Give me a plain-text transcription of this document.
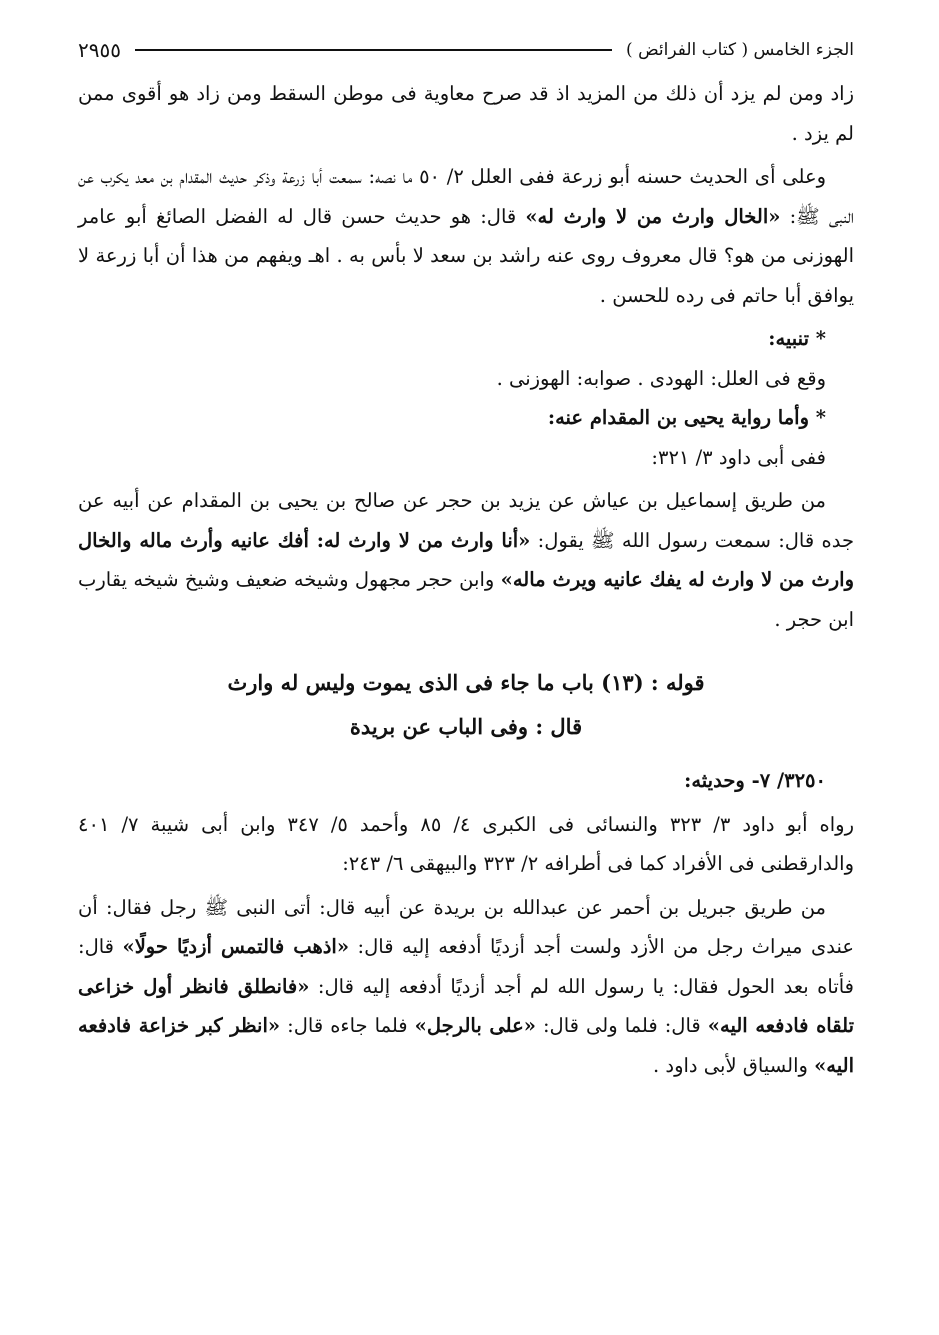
الجزء الخامس ( كتاب الفرائض )
٢٩٥٥

زاد ومن لم يزد أن ذلك من المزيد اذ قد صرح معاوية فى موطن السقط ومن زاد هو أقوى ممن لم يزد .

وعلى أى الحديث حسنه أبو زرعة ففى العلل ٢/ ٥٠ ما نصه: سمعت أبا زرعة وذكر حديث المقدام بن معد يكرب عن النبى ﷺ: «الخال وارث من لا وارث له» قال: هو حديث حسن قال له الفضل الصائغ أبو عامر الهوزنى من هو؟ قال معروف روى عنه راشد بن سعد لا بأس به . اهـ ويفهم من هذا أن أبا زرعة لا يوافق أبا حاتم فى رده للحسن .

* تنبيه:

وقع فى العلل: الهودى . صوابه: الهوزنى .

* وأما رواية يحيى بن المقدام عنه:

ففى أبى داود ٣/ ٣٢١:

من طريق إسماعيل بن عياش عن يزيد بن حجر عن صالح بن يحيى بن المقدام عن أبيه عن جده قال: سمعت رسول الله ﷺ يقول: «أنا وارث من لا وارث له: أفك عانيه وأرث ماله والخال وارث من لا وارث له يفك عانيه ويرث ماله» وابن حجر مجهول وشيخه ضعيف وشيخ شيخه يقارب ابن حجر .

قوله : (١٣) باب ما جاء فى الذى يموت وليس له وارث

قال : وفى الباب عن بريدة

٣٢٥٠/ ٧- وحديثه:

رواه أبو داود ٣/ ٣٢٣ والنسائى فى الكبرى ٤/ ٨٥ وأحمد ٥/ ٣٤٧ وابن أبى شيبة ٧/ ٤٠١ والدارقطنى فى الأفراد كما فى أطرافه ٢/ ٣٢٣ والبيهقى ٦/ ٢٤٣:

من طريق جبريل بن أحمر عن عبدالله بن بريدة عن أبيه قال: أتى النبى ﷺ رجل فقال: أن عندى ميراث رجل من الأزد ولست أجد أزديًا أدفعه إليه قال: «اذهب فالتمس أزديًا حولًا» قال: فأتاه بعد الحول فقال: يا رسول الله لم أجد أزديًا أدفعه إليه قال: «فانطلق فانظر أول خزاعى تلقاه فادفعه اليه» قال: فلما ولى قال: «على بالرجل» فلما جاءه قال: «انظر كبر خزاعة فادفعه اليه» والسياق لأبى داود .
